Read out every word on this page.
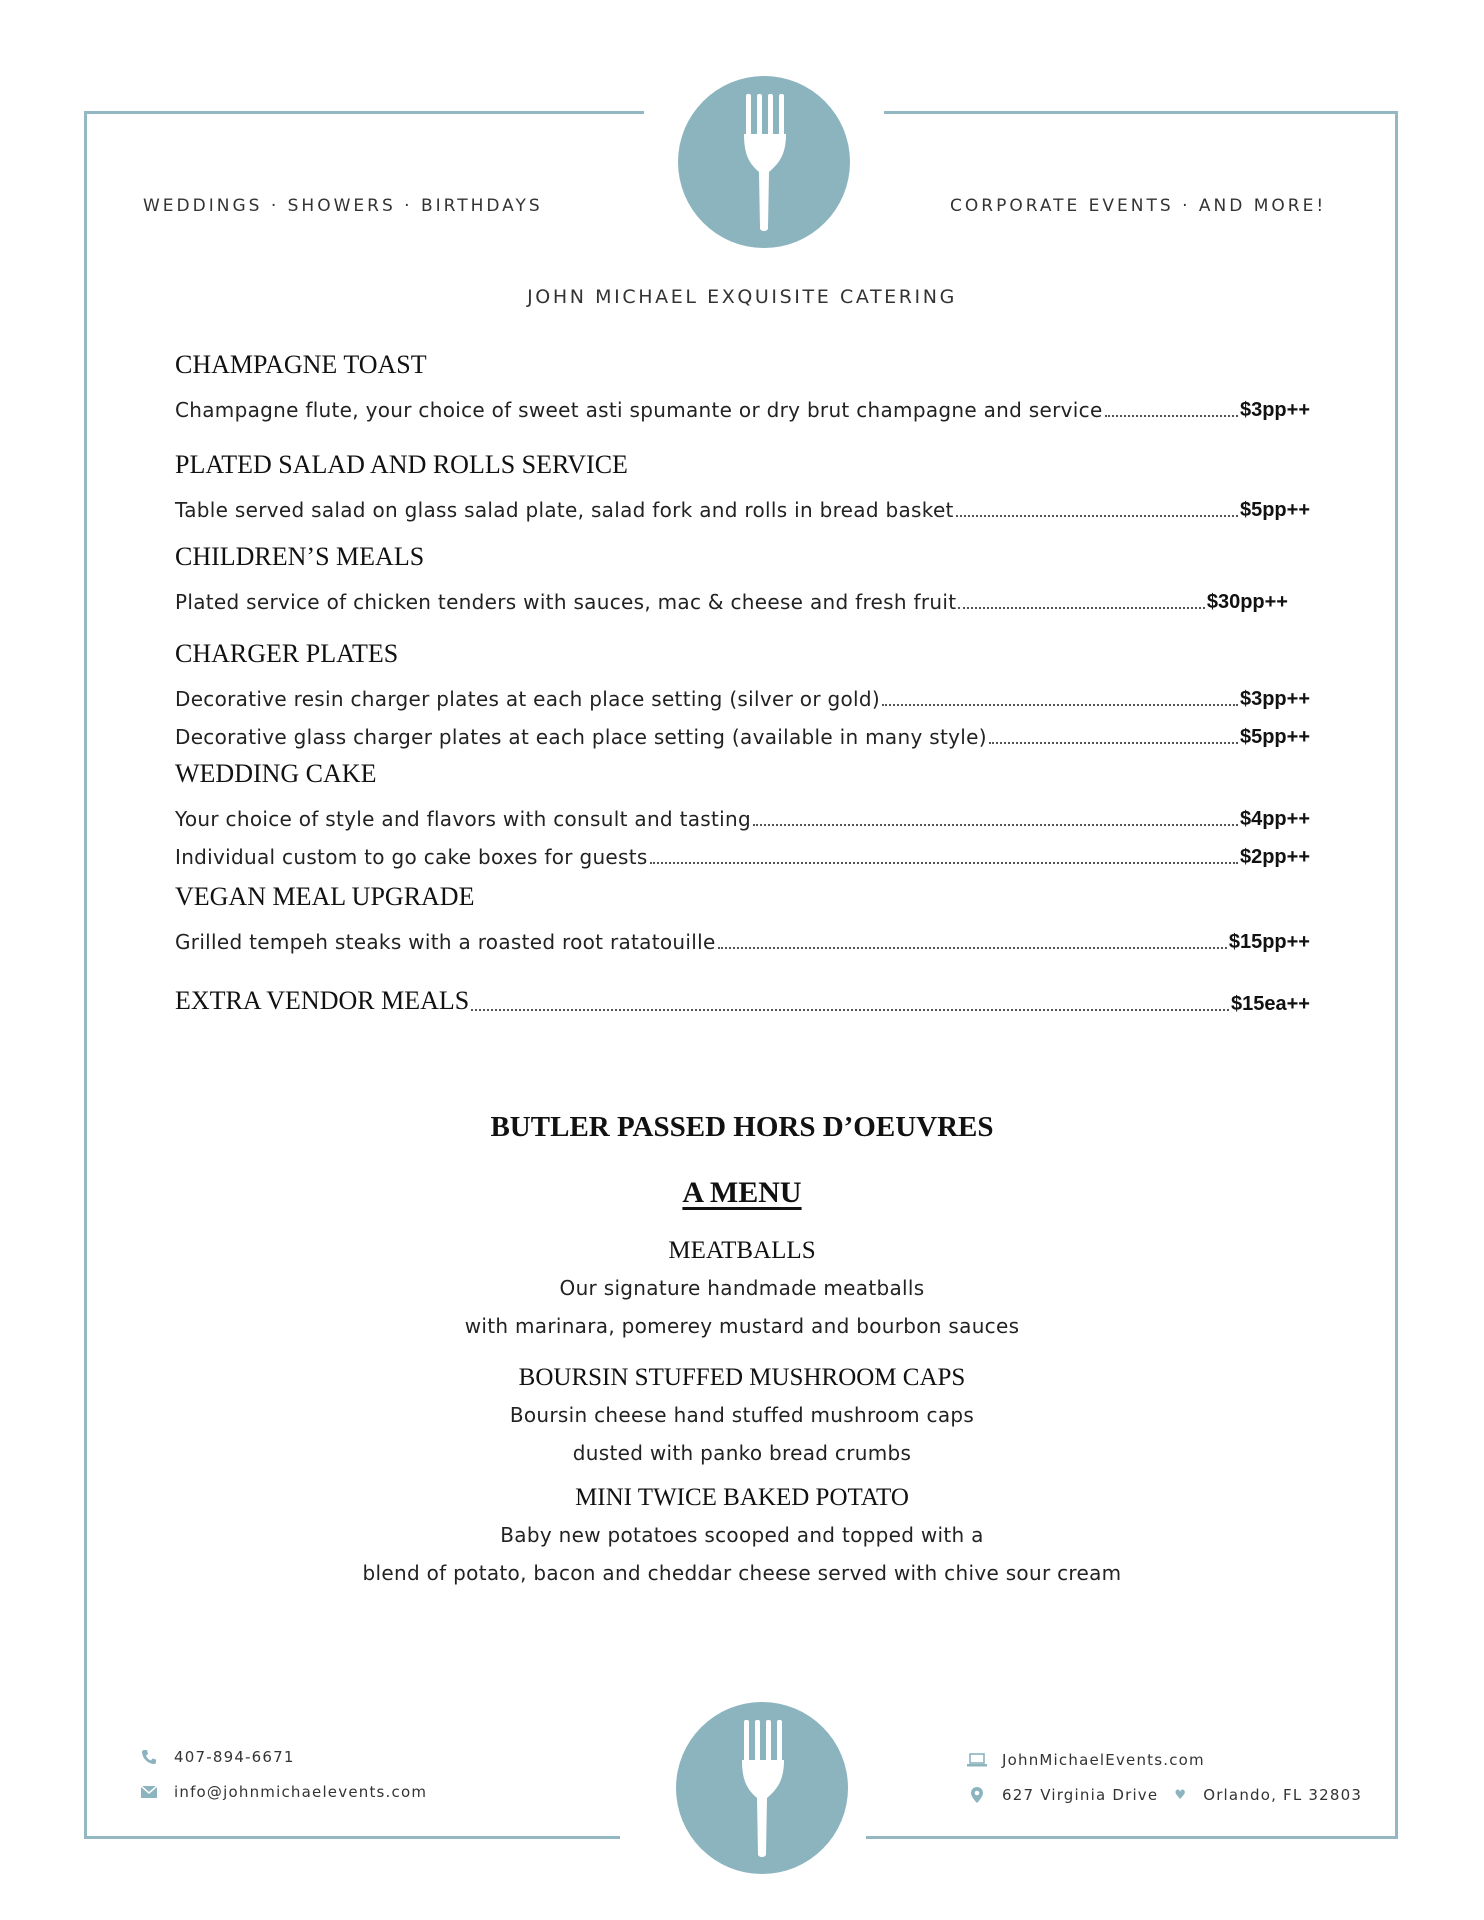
WEDDINGS · SHOWERS · BIRTHDAYS	CORPORATE EVENTS · AND MORE!
JOHN MICHAEL EXQUISITE CATERING
CHAMPAGNE TOAST
Champagne flute, your choice of sweet asti spumante or dry brut champagne and service	$3pp++
PLATED SALAD AND ROLLS SERVICE
Table served salad on glass salad plate, salad fork and rolls in bread basket	$5pp++
CHILDREN’S MEALS
Plated service of chicken tenders with sauces, mac & cheese and fresh fruit	$30pp++
CHARGER PLATES
Decorative resin charger plates at each place setting (silver or gold)	$3pp++
Decorative glass charger plates at each place setting (available in many style)	$5pp++
WEDDING CAKE
Your choice of style and flavors with consult and tasting	$4pp++
Individual custom to go cake boxes for guests	$2pp++
VEGAN MEAL UPGRADE
Grilled tempeh steaks with a roasted root ratatouille	$15pp++
EXTRA VENDOR MEALS	$15ea++
BUTLER PASSED HORS D’OEUVRES
A MENU
MEATBALLS
Our signature handmade meatballs
with marinara, pomerey mustard and bourbon sauces
BOURSIN STUFFED MUSHROOM CAPS
Boursin cheese hand stuffed mushroom caps
dusted with panko bread crumbs
MINI TWICE BAKED POTATO
Baby new potatoes scooped and topped with a
blend of potato, bacon and cheddar cheese served with chive sour cream
407-894-6671
info@johnmichaelevents.com
JohnMichaelEvents.com
627 Virginia Drive ♥ Orlando, FL 32803
